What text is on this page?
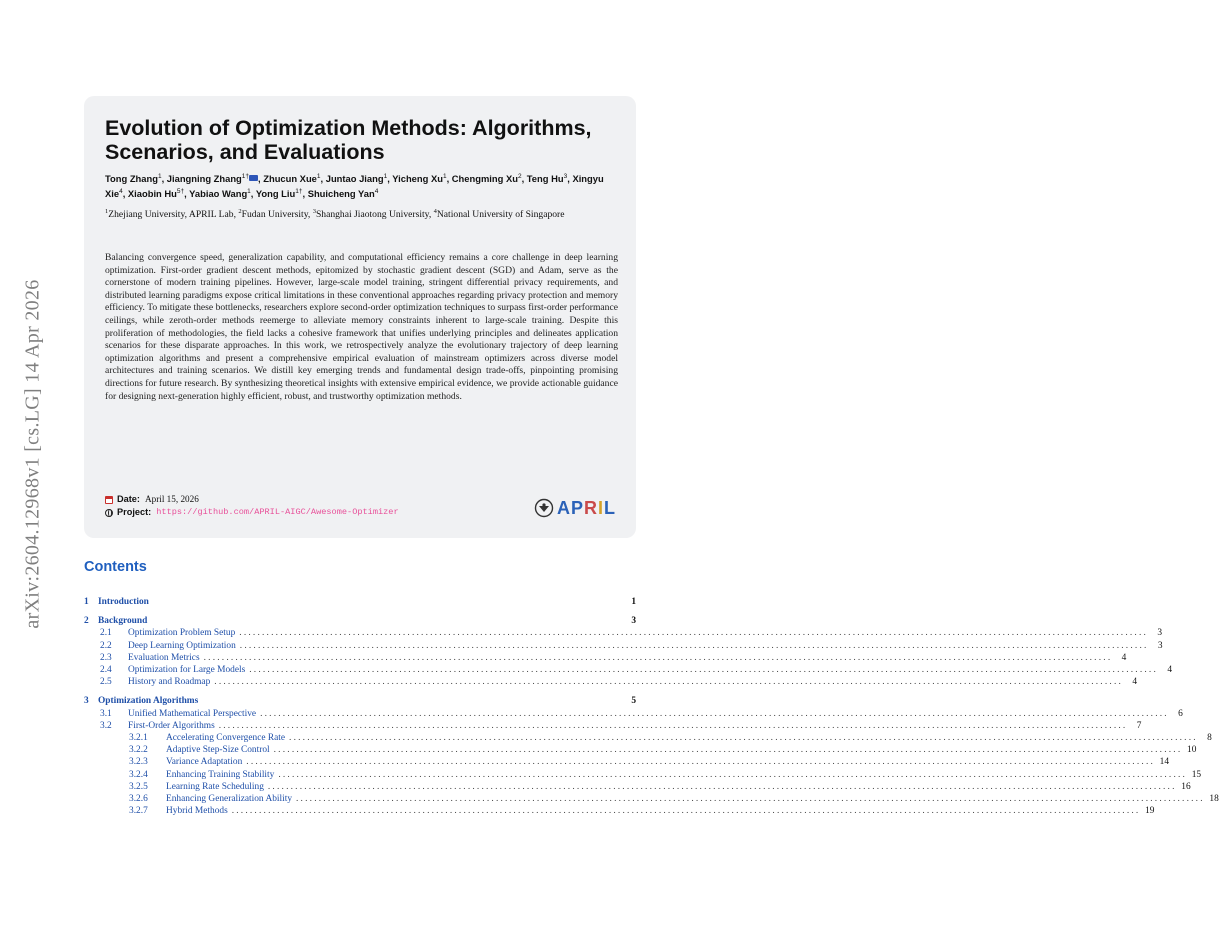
arXiv:2604.12968v1 [cs.LG] 14 Apr 2026
Evolution of Optimization Methods: Algorithms, Scenarios, and Evaluations
Tong Zhang$^1$, Jiangning Zhang$^{1\dagger}$ , Zhucun Xue$^1$, Juntao Jiang$^1$, Yicheng Xu$^1$, Chengming Xu$^2$, Teng Hu$^3$, Xingyu Xie$^4$, Xiaobin $Hu^{5\dagger}$, Yabiao Wang$^1$, Yong Liu$^{1\dagger}$, Shuicheng Yan$^4$
$^1$Zhejiang University, APRIL Lab, $^2$Fudan University, $^3$Shanghai Jiaotong University, $^4$National University of Singapore
Balancing convergence speed, generalization capability, and computational efficiency remains a core challenge in deep learning optimization. First-order gradient descent methods, epitomized by stochastic gradient descent (SGD) and Adam, serve as the cornerstone of modern training pipelines. However, large-scale model training, stringent differential privacy requirements, and distributed learning paradigms expose critical limitations in these conventional approaches regarding privacy protection and memory efficiency. To mitigate these bottlenecks, researchers explore second-order optimization techniques to surpass first-order performance ceilings, while zeroth-order methods reemerge to alleviate memory constraints inherent to large-scale training. Despite this proliferation of methodologies, the field lacks a cohesive framework that unifies underlying principles and delineates application scenarios for these disparate approaches. In this work, we retrospectively analyze the evolutionary trajectory of deep learning optimization algorithms and present a comprehensive empirical evaluation of mainstream optimizers across diverse model architectures and training scenarios. We distill key emerging trends and fundamental design trade-offs, pinpointing promising directions for future research. By synthesizing theoretical insights with extensive empirical evidence, we provide actionable guidance for designing next-generation highly efficient, robust, and trustworthy optimization methods.
Date: April 15, 2026
Project: https://github.com/APRIL-AIGC/Awesome-Optimizer	APRIL
Contents
1 Introduction	1
2 Background	3
2.1	Optimization Problem Setup ........................................................................................................................................................................................................ 3
2.2	Deep Learning Optimization ........................................................................................................................................................................................................ 3
2.3	Evaluation Metrics ........................................................................................................................................................................................................ 4
2.4	Optimization for Large Models ........................................................................................................................................................................................................ 4
2.5	History and Roadmap ........................................................................................................................................................................................................ 4
3 Optimization Algorithms	5
3.1	Unified Mathematical Perspective ........................................................................................................................................................................................................ 6
3.2	First-Order Algorithms ........................................................................................................................................................................................................ 7
3.2.1	Accelerating Convergence Rate ........................................................................................................................................................................................................ 8
3.2.2	Adaptive Step-Size Control ........................................................................................................................................................................................................ 10
3.2.3	Variance Adaptation ........................................................................................................................................................................................................ 14
3.2.4	Enhancing Training Stability ........................................................................................................................................................................................................ 15
3.2.5	Learning Rate Scheduling ........................................................................................................................................................................................................ 16
3.2.6	Enhancing Generalization Ability ........................................................................................................................................................................................................ 18
3.2.7	Hybrid Methods ........................................................................................................................................................................................................ 19
